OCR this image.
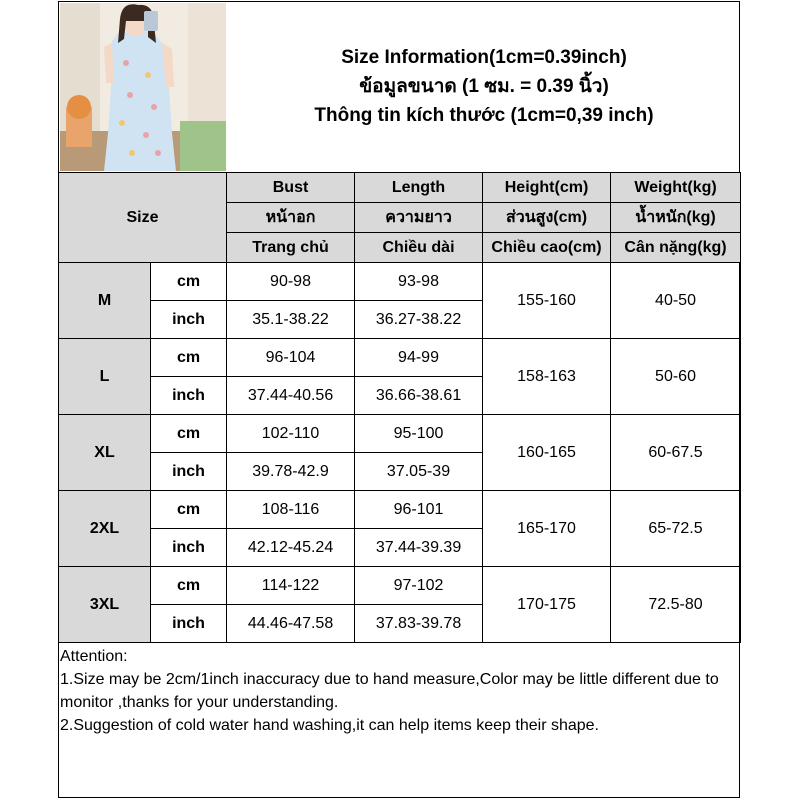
Size Information(1cm=0.39inch)
ข้อมูลขนาด (1 ซม. = 0.39 นิ้ว)
Thông tin kích thước (1cm=0,39 inch)
Size		Bust	Length	Height(cm)	Weight(kg)
		หน้าอก	ความยาว	ส่วนสูง(cm)	น้ำหนัก(kg)
		Trang chủ	Chiều dài	Chiều cao(cm)	Cân nặng(kg)
M	cm	90-98	93-98	155-160	40-50
	inch	35.1-38.22	36.27-38.22		
L	cm	96-104	94-99	158-163	50-60
	inch	37.44-40.56	36.66-38.61		
XL	cm	102-110	95-100	160-165	60-67.5
	inch	39.78-42.9	37.05-39		
2XL	cm	108-116	96-101	165-170	65-72.5
	inch	42.12-45.24	37.44-39.39		
3XL	cm	114-122	97-102	170-175	72.5-80
	inch	44.46-47.58	37.83-39.78		
Attention:
1.Size may be 2cm/1inch inaccuracy due to hand measure,Color may be little different due to monitor ,thanks for your understanding.
2.Suggestion of cold water hand washing,it can help items keep their shape.
